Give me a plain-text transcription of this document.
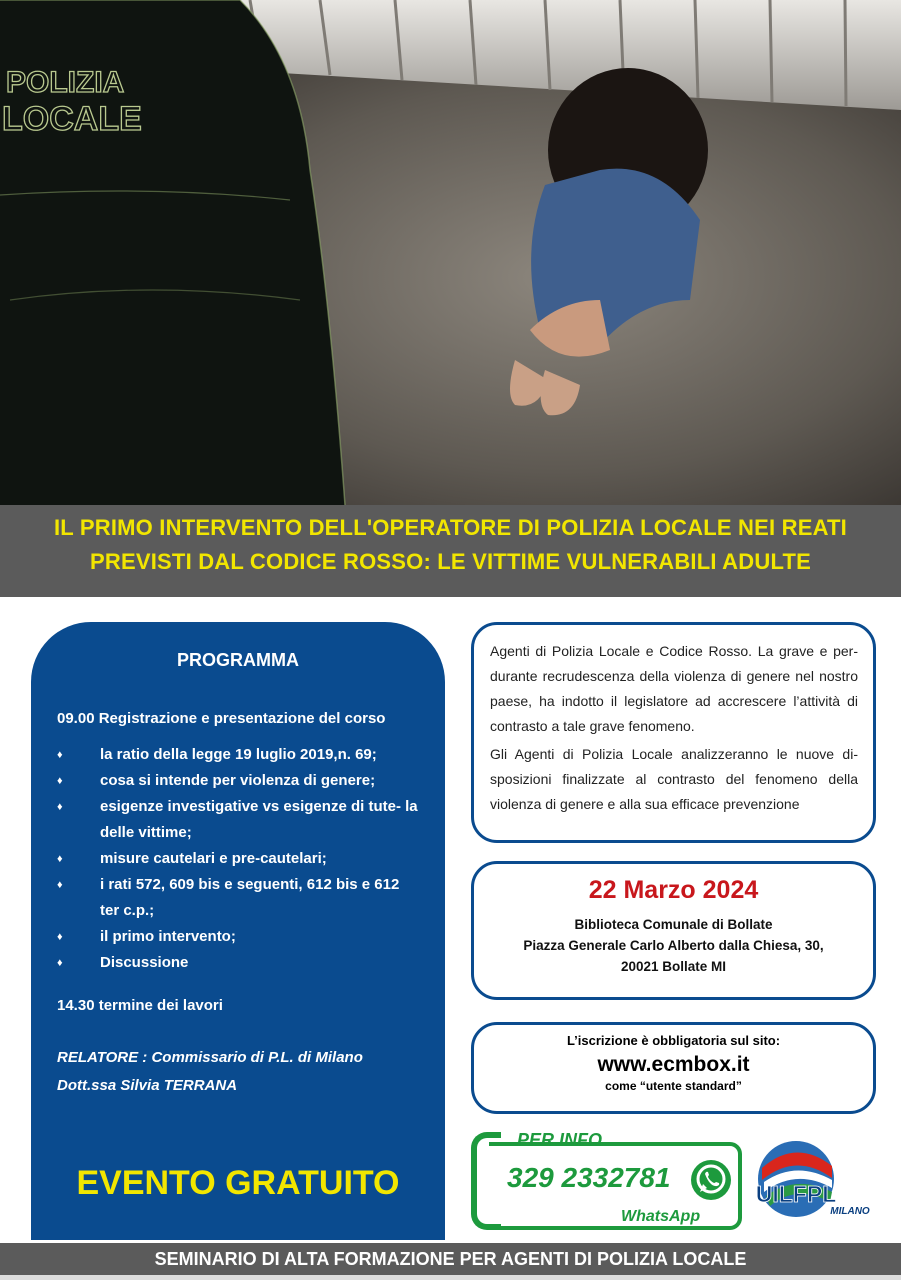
POLIZIA
LOCALE
IL PRIMO INTERVENTO DELL'OPERATORE DI POLIZIA LOCALE NEI REATI
PREVISTI DAL CODICE ROSSO: LE VITTIME VULNERABILI ADULTE
PROGRAMMA
09.00 Registrazione e presentazione del corso
♦ la ratio della legge 19 luglio 2019,n. 69;
♦ cosa si intende per violenza di genere;
♦ esigenze investigative vs esigenze di tute- la delle vittime;
♦ misure cautelari e pre-cautelari;
♦ i rati 572, 609 bis e seguenti, 612 bis e 612 ter c.p.;
♦ il primo intervento;
♦ Discussione
14.30 termine dei lavori
RELATORE : Commissario di P.L. di Milano
Dott.ssa Silvia TERRANA
EVENTO GRATUITO

Agenti di Polizia Locale e Codice Rosso. La grave e per- durante recrudescenza della violenza di genere nel nostro paese, ha indotto il legislatore ad accrescere l’attività di contrasto a tale grave fenomeno.

Gli Agenti di Polizia Locale analizzeranno le nuove di- sposizioni finalizzate al contrasto del fenomeno della violenza di genere e alla sua efficace prevenzione

22 Marzo 2024
Biblioteca Comunale di Bollate
Piazza Generale Carlo Alberto dalla Chiesa, 30,
20021 Bollate MI
L’iscrizione è obbligatoria sul sito:
www.ecmbox.it
come “utente standard”
PER INFO
329 2332781
WhatsApp
UILFPL
MILANO
SEMINARIO DI ALTA FORMAZIONE PER AGENTI DI POLIZIA LOCALE
